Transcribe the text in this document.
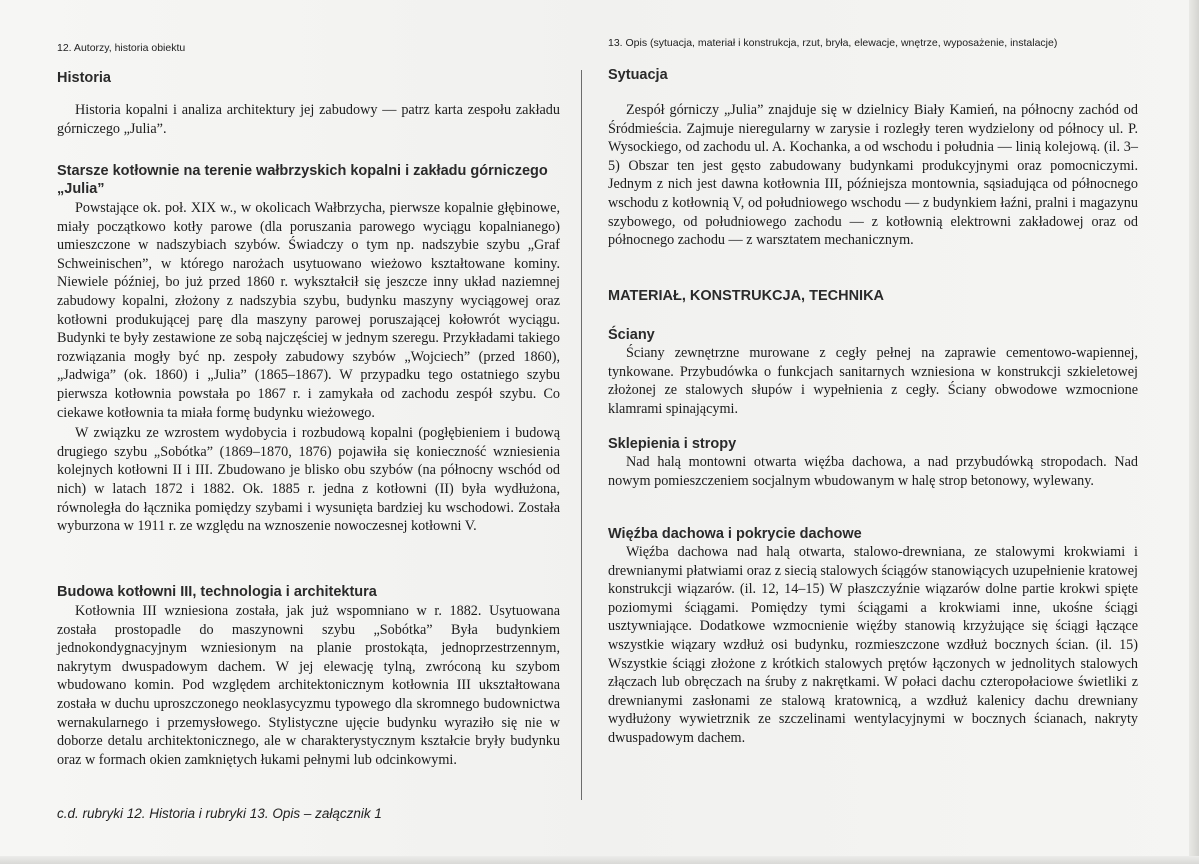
12. Autorzy, historia obiektu	13. Opis (sytuacja, materiał i konstrukcja, rzut, bryła, elewacje, wnętrze, wyposażenie, instalacje)
Historia

Historia kopalni i analiza architektury jej zabudowy — patrz karta zespołu zakładu górniczego „Julia”.

Starsze kotłownie na terenie wałbrzyskich kopalni i zakładu górniczego „Julia”

Powstające ok. poł. XIX w., w okolicach Wałbrzycha, pierwsze kopalnie głębinowe, miały początkowo kotły parowe (dla poruszania parowego wyciągu kopalnianego) umieszczone w nadszybiach szybów. Świadczy o tym np. nadszybie szybu „Graf Schweinischen”, w którego narożach usytuowano wieżowo kształtowane kominy. Niewiele później, bo już przed 1860 r. wykształcił się jeszcze inny układ naziemnej zabudowy kopalni, złożony z nadszybia szybu, budynku maszyny wyciągowej oraz kotłowni produkującej parę dla maszyny parowej poruszającej kołowrót wyciągu. Budynki te były zestawione ze sobą najczęściej w jednym szeregu. Przykładami takiego rozwiązania mogły być np. zespoły zabudowy szybów „Wojciech” (przed 1860), „Jadwiga” (ok. 1860) i „Julia” (1865–1867). W przypadku tego ostatniego szybu pierwsza kotłownia powstała po 1867 r. i zamykała od zachodu zespół szybu. Co ciekawe kotłownia ta miała formę budynku wieżowego.

W związku ze wzrostem wydobycia i rozbudową kopalni (pogłębieniem i budową drugiego szybu „Sobótka” (1869–1870, 1876) pojawiła się konieczność wzniesienia kolejnych kotłowni II i III. Zbudowano je blisko obu szybów (na północny wschód od nich) w latach 1872 i 1882. Ok. 1885 r. jedna z kotłowni (II) była wydłużona, równoległa do łącznika pomiędzy szybami i wysunięta bardziej ku wschodowi. Została wyburzona w 1911 r. ze względu na wznoszenie nowoczesnej kotłowni V.

Budowa kotłowni III, technologia i architektura

Kotłownia III wzniesiona została, jak już wspomniano w r. 1882. Usytuowana została prostopadle do maszynowni szybu „Sobótka” Była budynkiem jednokondygnacyjnym wzniesionym na planie prostokąta, jednoprzestrzennym, nakrytym dwuspadowym dachem. W jej elewację tylną, zwróconą ku szybom wbudowano komin. Pod względem architektonicznym kotłownia III ukształtowana została w duchu uproszczonego neoklasycyzmu typowego dla skromnego budownictwa wernakularnego i przemysłowego. Stylistyczne ujęcie budynku wyraziło się nie w doborze detalu architektonicznego, ale w charakterystycznym kształcie bryły budynku oraz w formach okien zamkniętych łukami pełnymi lub odcinkowymi.

c.d. rubryki 12. Historia i rubryki 13. Opis – załącznik 1
Sytuacja

Zespół górniczy „Julia” znajduje się w dzielnicy Biały Kamień, na północny zachód od Śródmieścia. Zajmuje nieregularny w zarysie i rozległy teren wydzielony od północy ul. P. Wysockiego, od zachodu ul. A. Kochanka, a od wschodu i południa — linią kolejową. (il. 3–5) Obszar ten jest gęsto zabudowany budynkami produkcyjnymi oraz pomocniczymi. Jednym z nich jest dawna kotłownia III, późniejsza montownia, sąsiadująca od północnego wschodu z kotłownią V, od południowego wschodu — z budynkiem łaźni, pralni i magazynu szybowego, od południowego zachodu — z kotłownią elektrowni zakładowej oraz od północnego zachodu — z warsztatem mechanicznym.

MATERIAŁ, KONSTRUKCJA, TECHNIKA
Ściany

Ściany zewnętrzne murowane z cegły pełnej na zaprawie cementowo-wapiennej, tynkowane. Przybudówka o funkcjach sanitarnych wzniesiona w konstrukcji szkieletowej złożonej ze stalowych słupów i wypełnienia z cegły. Ściany obwodowe wzmocnione klamrami spinającymi.

Sklepienia i stropy

Nad halą montowni otwarta więźba dachowa, a nad przybudówką stropodach. Nad nowym pomieszczeniem socjalnym wbudowanym w halę strop betonowy, wylewany.

Więźba dachowa i pokrycie dachowe

Więźba dachowa nad halą otwarta, stalowo-drewniana, ze stalowymi krokwiami i drewnianymi płatwiami oraz z siecią stalowych ściągów stanowiących uzupełnienie kratowej konstrukcji wiązarów. (il. 12, 14–15) W płaszczyźnie wiązarów dolne partie krokwi spięte poziomymi ściągami. Pomiędzy tymi ściągami a krokwiami inne, ukośne ściągi usztywniające. Dodatkowe wzmocnienie więźby stanowią krzyżujące się ściągi łączące wszystkie wiązary wzdłuż osi budynku, rozmieszczone wzdłuż bocznych ścian. (il. 15) Wszystkie ściągi złożone z krótkich stalowych prętów łączonych w jednolitych stalowych złączach lub obręczach na śruby z nakrętkami. W połaci dachu czteropołaciowe świetliki z drewnianymi zasłonami ze stalową kratownicą, a wzdłuż kalenicy dachu drewniany wydłużony wywietrznik ze szczelinami wentylacyjnymi w bocznych ścianach, nakryty dwuspadowym dachem.
